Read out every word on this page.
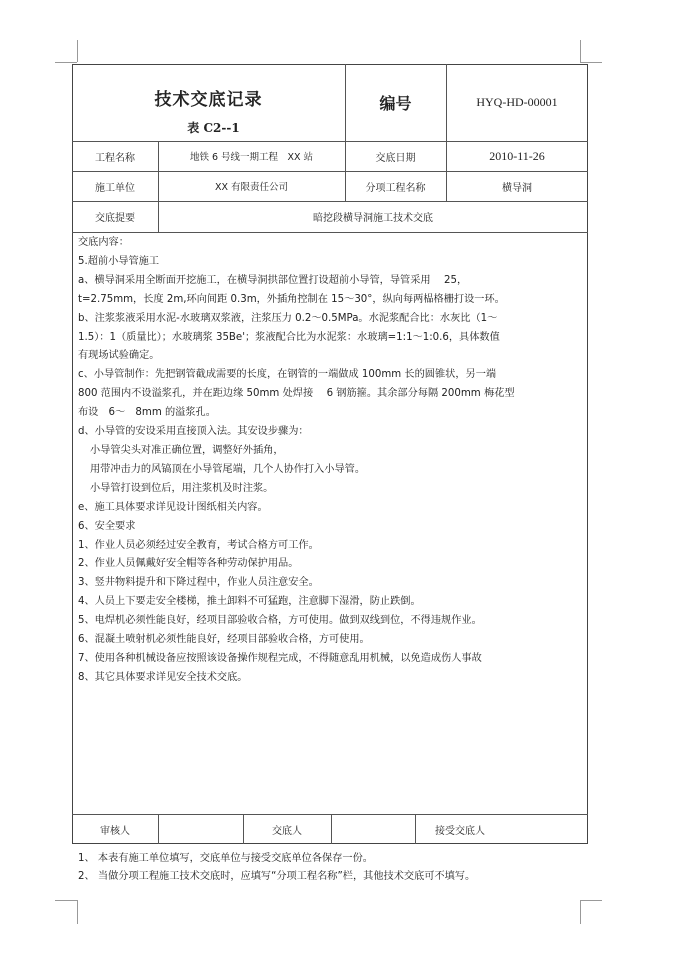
技术交底记录
表 C2--1
编号	HYQ-HD-00001
工程名称	地铁 6 号线一期工程　XX 站	交底日期	2010-11-26
施工单位	XX 有限责任公司	分项工程名称	横导洞
交底提要	暗挖段横导洞施工技术交底
交底内容：
5.超前小导管施工
a、横导洞采用全断面开挖施工，在横导洞拱部位置打设超前小导管，导管采用　 25，
t=2.75mm，长度 2m,环向间距 0.3m，外插角控制在 15～30°，纵向每两榀格栅打设一环。
b、注浆浆液采用水泥-水玻璃双浆液，注浆压力 0.2～0.5MPa。水泥浆配合比：水灰比（1～
1.5）：1（质量比）；水玻璃浆 35Be'；浆液配合比为水泥浆：水玻璃=1:1～1:0.6，具体数值
有现场试验确定。
c、小导管制作：先把钢管截成需要的长度，在钢管的一端做成 100mm 长的圆锥状，另一端
800 范围内不设溢浆孔，并在距边缘 50mm 处焊接　 6 钢筋箍。其余部分每隔 200mm 梅花型
布设　6～　8mm 的溢浆孔。
d、小导管的安设采用直接顶入法。其安设步骤为：
小导管尖头对准正确位置，调整好外插角，
用带冲击力的风镐顶在小导管尾端，几个人协作打入小导管。
小导管打设到位后，用注浆机及时注浆。
e、施工具体要求详见设计图纸相关内容。
6、安全要求
1、作业人员必须经过安全教育，考试合格方可工作。
2、作业人员佩戴好安全帽等各种劳动保护用品。
3、竖井物料提升和下降过程中，作业人员注意安全。
4、人员上下要走安全楼梯，推土卸料不可猛跑，注意脚下湿滑，防止跌倒。
5、电焊机必须性能良好，经项目部验收合格，方可使用。做到双线到位，不得违规作业。
6、混凝土喷射机必须性能良好，经项目部验收合格，方可使用。
7、使用各种机械设备应按照该设备操作规程完成，不得随意乱用机械，以免造成伤人事故
8、其它具体要求详见安全技术交底。
审核人	交底人	接受交底人
1、 本表有施工单位填写，交底单位与接受交底单位各保存一份。
2、 当做分项工程施工技术交底时，应填写“分项工程名称”栏，其他技术交底可不填写。
